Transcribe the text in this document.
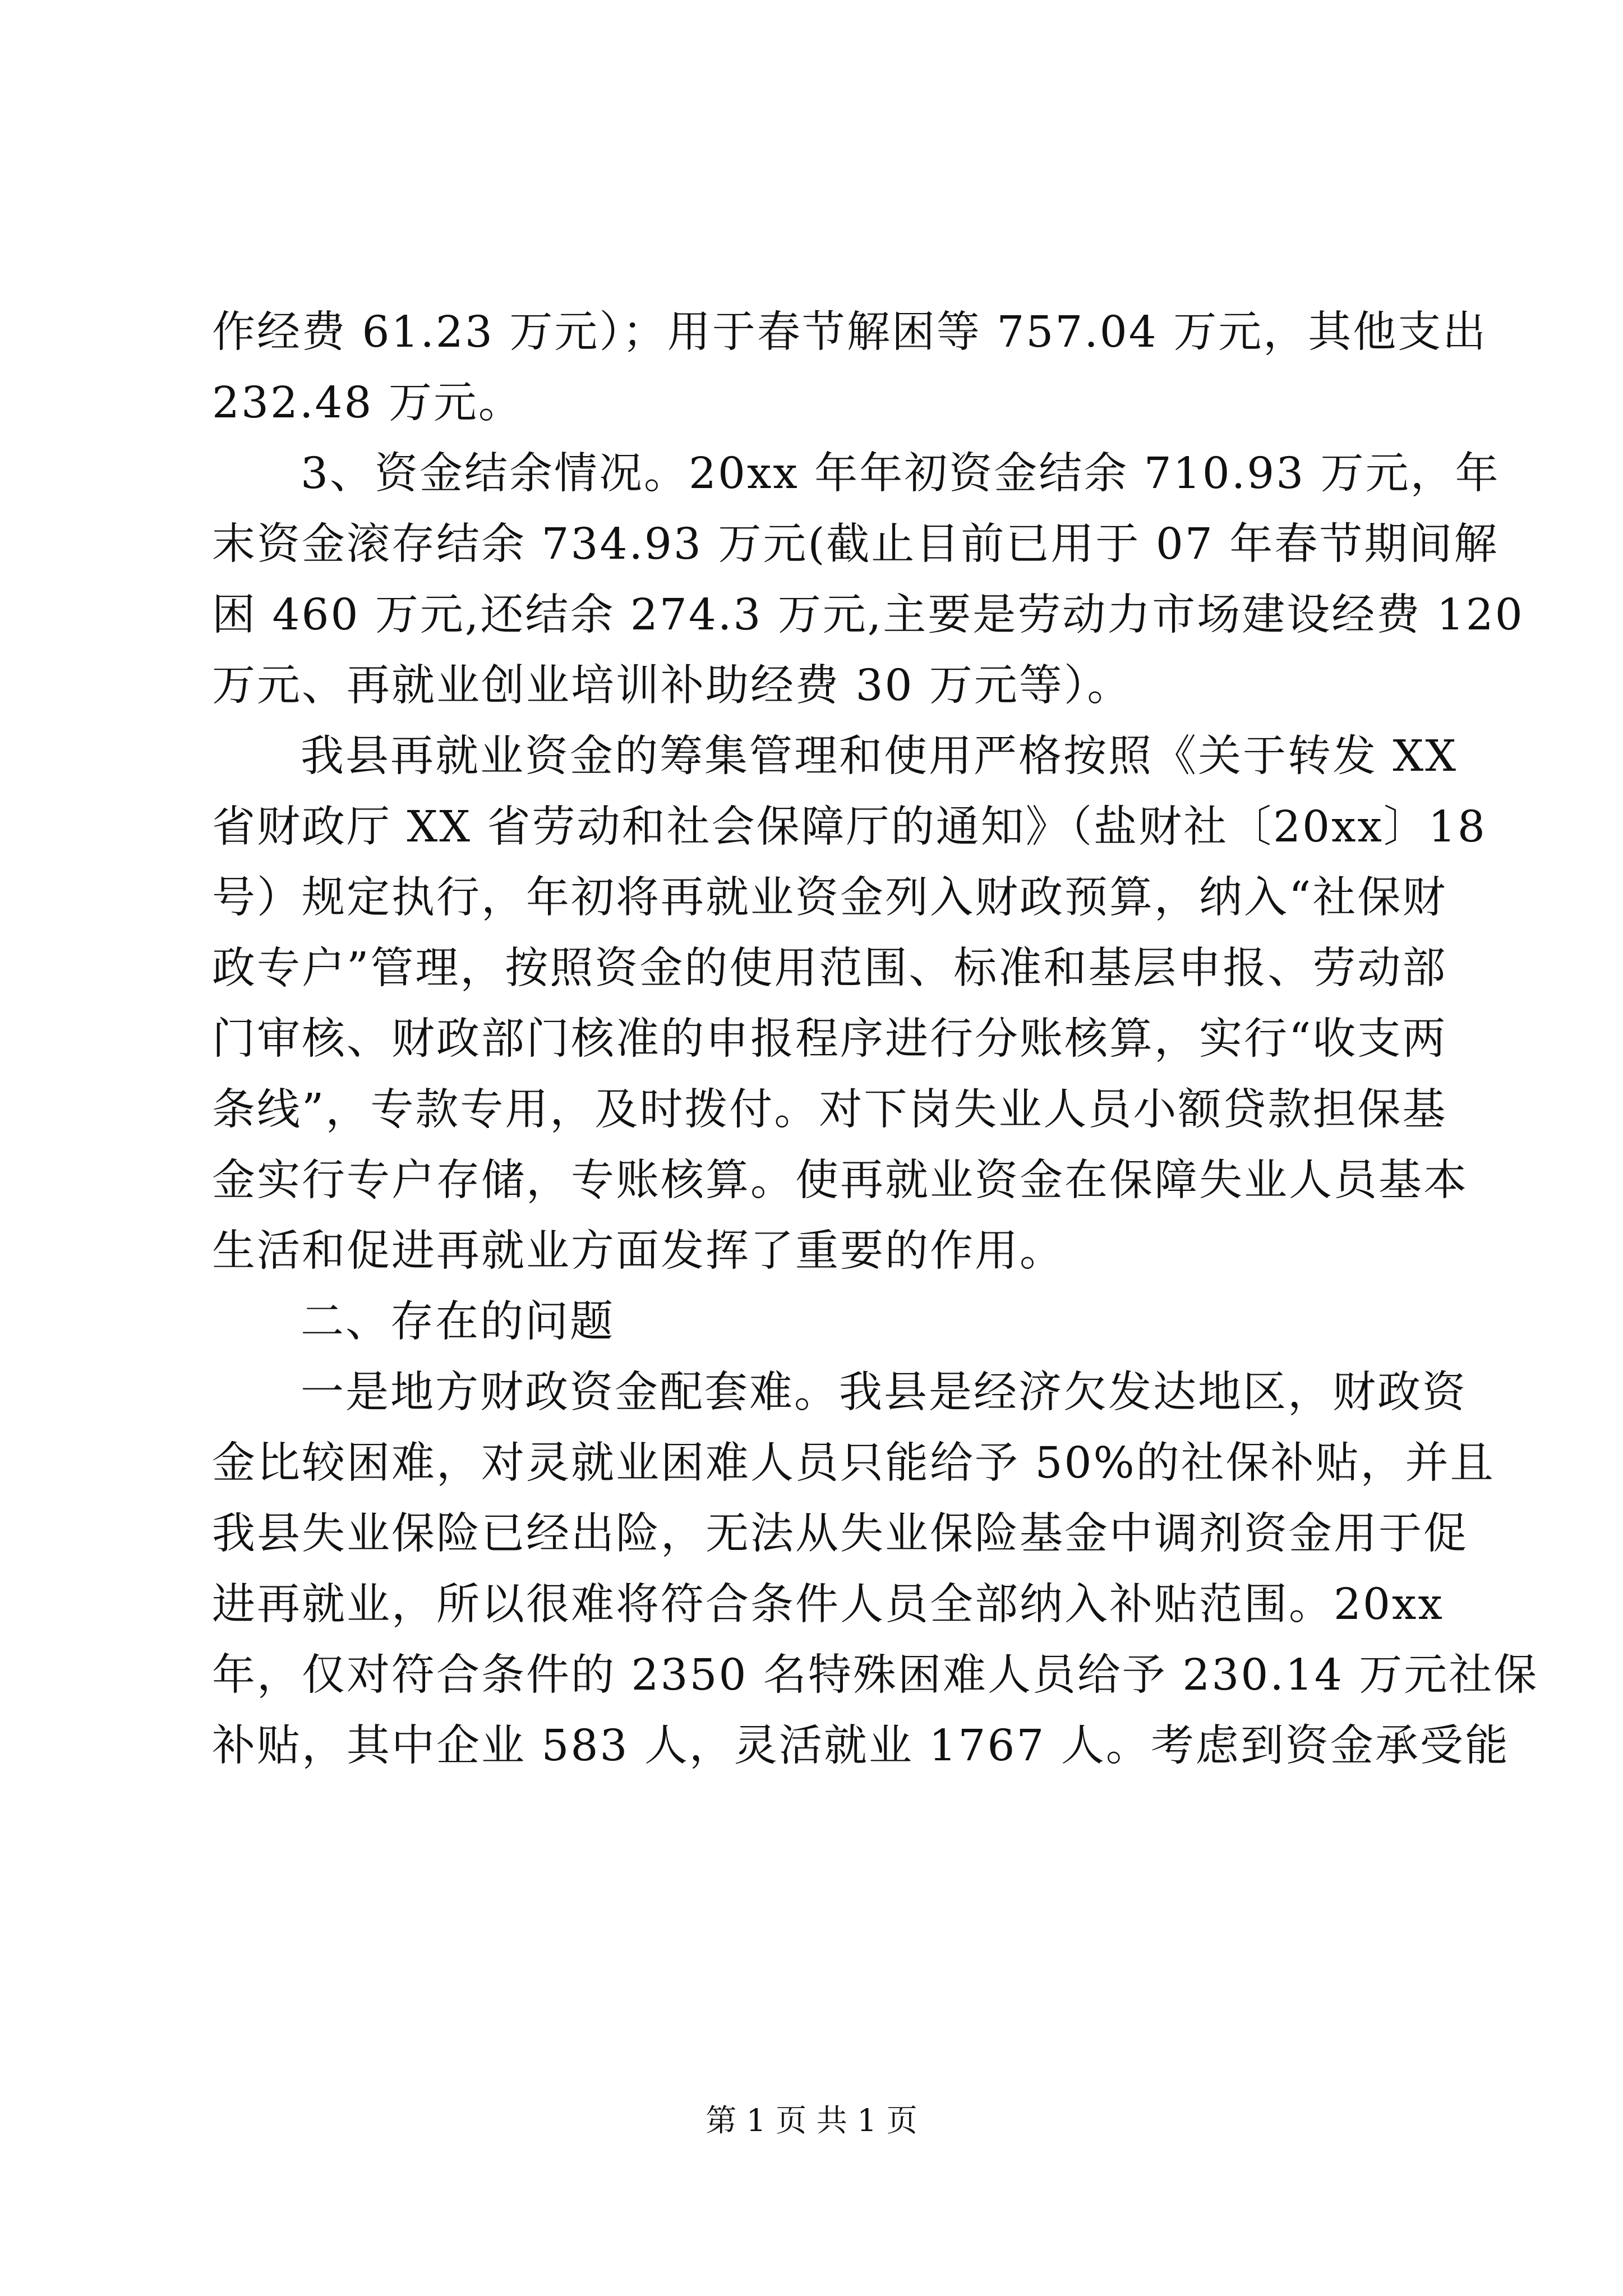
作经费 61.23 万元）；用于春节解困等 757.04 万元，其他支出
232.48 万元。
3、资金结余情况。20xx 年年初资金结余 710.93 万元，年
末资金滚存结余 734.93 万元(截止目前已用于 07 年春节期间解
困 460 万元,还结余 274.3 万元,主要是劳动力市场建设经费 120
万元、再就业创业培训补助经费 30 万元等）。
我县再就业资金的筹集管理和使用严格按照《关于转发 XX
省财政厅 XX 省劳动和社会保障厅的通知》（盐财社〔20xx〕18
号）规定执行，年初将再就业资金列入财政预算，纳入“社保财
政专户”管理，按照资金的使用范围、标准和基层申报、劳动部
门审核、财政部门核准的申报程序进行分账核算，实行“收支两
条线”，专款专用，及时拨付。对下岗失业人员小额贷款担保基
金实行专户存储，专账核算。使再就业资金在保障失业人员基本
生活和促进再就业方面发挥了重要的作用。
二、存在的问题
一是地方财政资金配套难。我县是经济欠发达地区，财政资
金比较困难，对灵就业困难人员只能给予 50%的社保补贴，并且
我县失业保险已经出险，无法从失业保险基金中调剂资金用于促
进再就业，所以很难将符合条件人员全部纳入补贴范围。20xx
年，仅对符合条件的 2350 名特殊困难人员给予 230.14 万元社保
补贴，其中企业 583 人，灵活就业 1767 人。考虑到资金承受能
第 1 页 共 1 页
